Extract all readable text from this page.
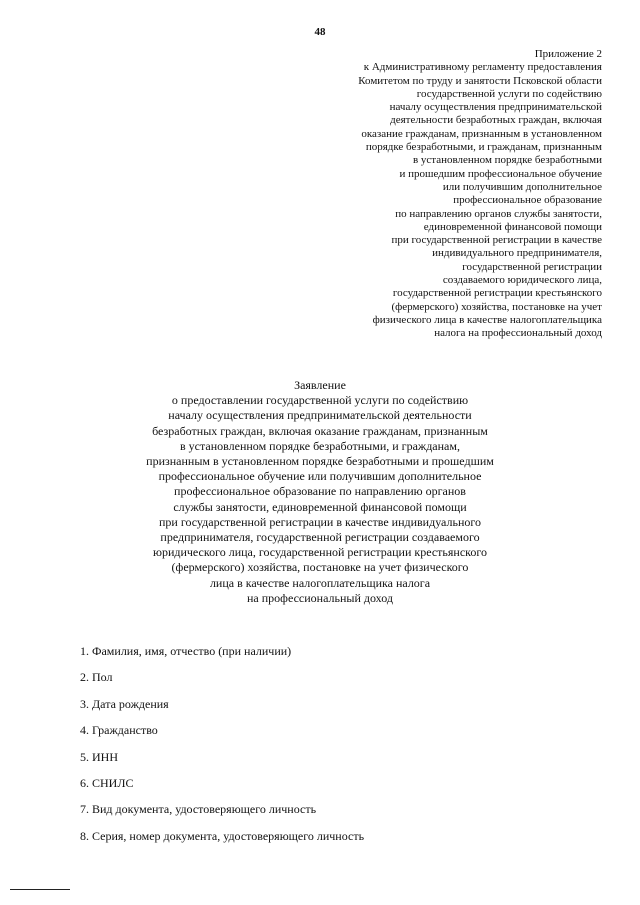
48
Приложение 2
к Административному регламенту предоставления
Комитетом по труду и занятости Псковской области
государственной услуги по содействию
началу осуществления предпринимательской
деятельности безработных граждан, включая
оказание гражданам, признанным в установленном
порядке безработными, и гражданам, признанным
в установленном порядке безработными
и прошедшим профессиональное обучение
или получившим дополнительное
профессиональное образование
по направлению органов службы занятости,
единовременной финансовой помощи
при государственной регистрации в качестве
индивидуального предпринимателя,
государственной регистрации
создаваемого юридического лица,
государственной регистрации крестьянского
(фермерского) хозяйства, постановке на учет
физического лица в качестве налогоплательщика
налога на профессиональный доход
Заявление
о предоставлении государственной услуги по содействию
началу осуществления предпринимательской деятельности
безработных граждан, включая оказание гражданам, признанным
в установленном порядке безработными, и гражданам,
признанным в установленном порядке безработными и прошедшим
профессиональное обучение или получившим дополнительное
профессиональное образование по направлению органов
службы занятости, единовременной финансовой помощи
при государственной регистрации в качестве индивидуального
предпринимателя, государственной регистрации создаваемого
юридического лица, государственной регистрации крестьянского
(фермерского) хозяйства, постановке на учет физического
лица в качестве налогоплательщика налога
на профессиональный доход
1. Фамилия, имя, отчество (при наличии)
2. Пол
3. Дата рождения
4. Гражданство
5. ИНН
6. СНИЛС
7. Вид документа, удостоверяющего личность
8. Серия, номер документа, удостоверяющего личность
